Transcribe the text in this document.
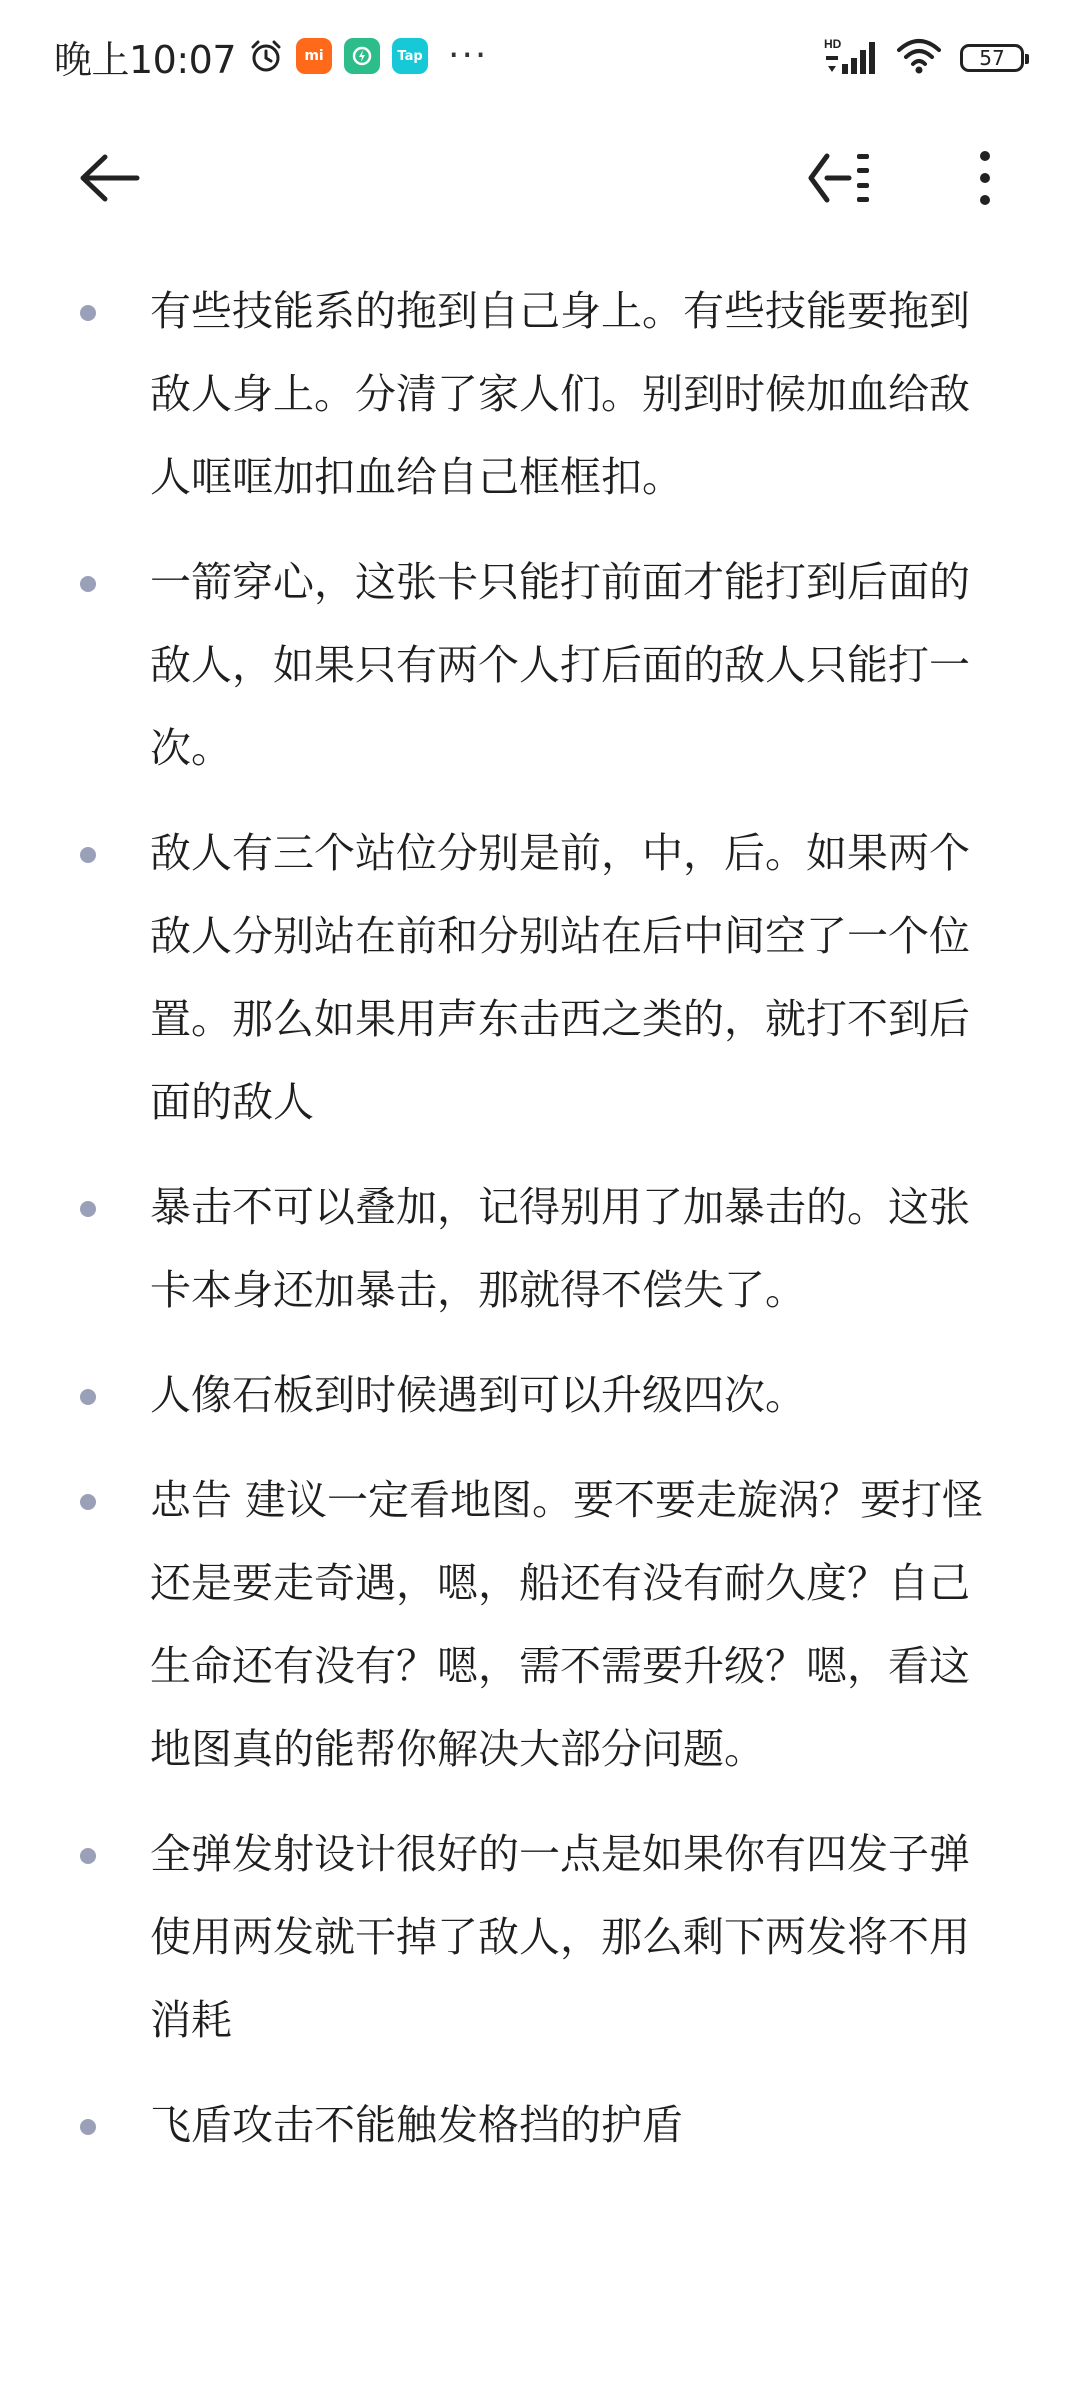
晚上10:07	mi	Tap ···	HD
57
有些技能系的拖到自己身上。有些技能要拖到敌人身上。分清了家人们。别到时候加血给敌人哐哐加扣血给自己框框扣。
一箭穿心，这张卡只能打前面才能打到后面的敌人，如果只有两个人打后面的敌人只能打一次。
敌人有三个站位分别是前，中，后。如果两个敌人分别站在前和分别站在后中间空了一个位置。那么如果用声东击西之类的，就打不到后面的敌人
暴击不可以叠加，记得别用了加暴击的。这张卡本身还加暴击，那就得不偿失了。
人像石板到时候遇到可以升级四次。
忠告 建议一定看地图。要不要走旋涡？要打怪还是要走奇遇，嗯，船还有没有耐久度？自己生命还有没有？嗯，需不需要升级？嗯，看这地图真的能帮你解决大部分问题。
全弹发射设计很好的一点是如果你有四发子弹使用两发就干掉了敌人，那么剩下两发将不用消耗
飞盾攻击不能触发格挡的护盾
